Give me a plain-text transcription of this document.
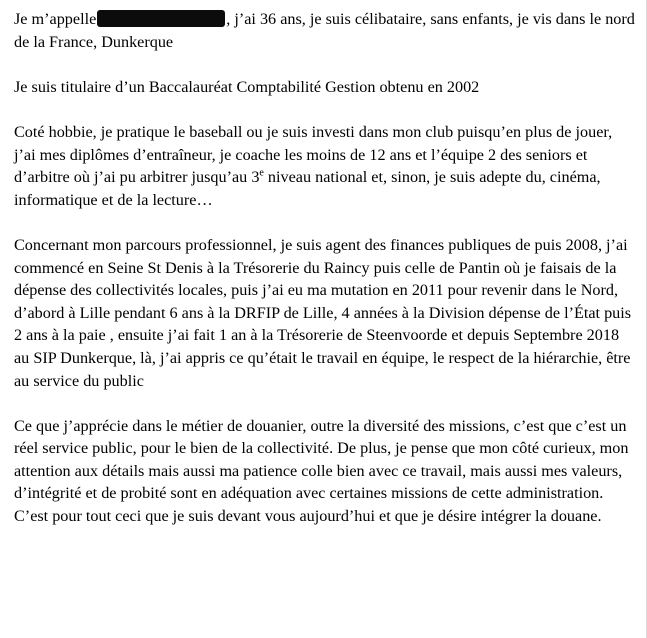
Je m’appelle	, j’ai 36 ans, je suis célibataire, sans enfants, je vis dans le nord de la France, Dunkerque

Je suis titulaire d’un Baccalauréat Comptabilité Gestion obtenu en 2002

Coté hobbie, je pratique le baseball ou je suis investi dans mon club puisqu’en plus de jouer, j’ai mes diplômes d’entraîneur, je coache les moins de 12 ans et l’équipe 2 des seniors et d’arbitre où j’ai pu arbitrer jusqu’au 3e niveau national et, sinon, je suis adepte du, cinéma, informatique et de la lecture…

Concernant mon parcours professionnel, je suis agent des finances publiques de puis 2008, j’ai commencé en Seine St Denis à la Trésorerie du Raincy puis celle de Pantin où je faisais de la dépense des collectivités locales, puis j’ai eu ma mutation en 2011 pour revenir dans le Nord, d’abord à Lille pendant 6 ans à la DRFIP de Lille, 4 années à la Division dépense de l’État puis 2 ans à la paie , ensuite j’ai fait 1 an à la Trésorerie de Steenvoorde et depuis Septembre 2018 au SIP Dunkerque, là, j’ai appris ce qu’était le travail en équipe, le respect de la hiérarchie, être au service du public

Ce que j’apprécie dans le métier de douanier, outre la diversité des missions, c’est que c’est un réel service public, pour le bien de la collectivité. De plus, je pense que mon côté curieux, mon attention aux détails mais aussi ma patience colle bien avec ce travail, mais aussi mes valeurs, d’intégrité et de probité sont en adéquation avec certaines missions de cette administration. C’est pour tout ceci que je suis devant vous aujourd’hui et que je désire intégrer la douane.
